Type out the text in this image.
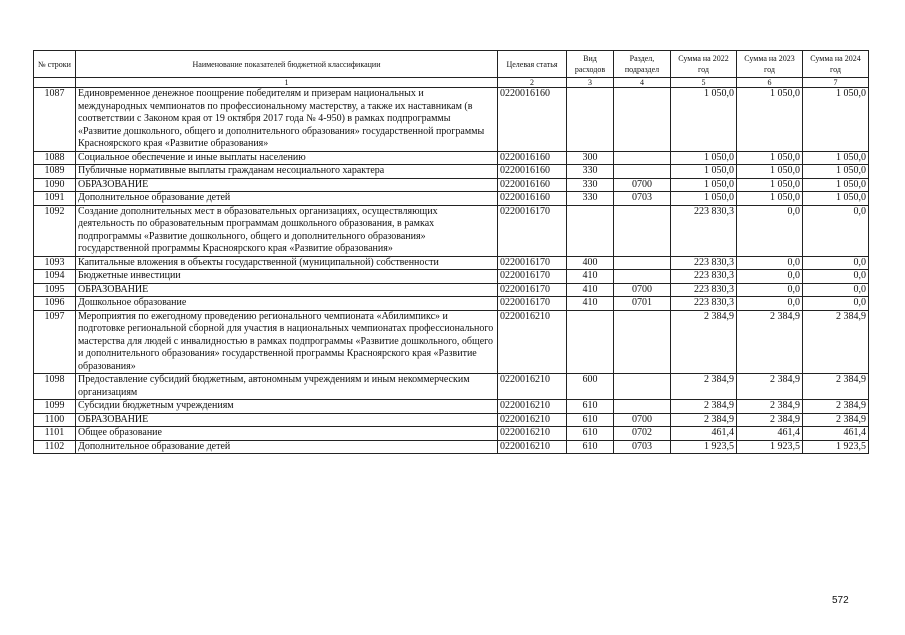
№ строки	Наименование показателей бюджетной классификации	Целевая статья	Вид расходов	Раздел, подраздел	Сумма на 2022 год	Сумма на 2023 год	Сумма на 2024 год
	1	2	3	4	5	6	7
1087	Единовременное денежное поощрение победителям и призерам национальных и международных чемпионатов по профессиональному мастерству, а также их наставникам (в соответствии с Законом края от 19 октября 2017 года № 4-950) в рамках подпрограммы «Развитие дошкольного, общего и дополнительного образования» государственной программы Красноярского края «Развитие образования»	0220016160			1 050,0	1 050,0	1 050,0
1088	Социальное обеспечение и иные выплаты населению	0220016160	300		1 050,0	1 050,0	1 050,0
1089	Публичные нормативные выплаты гражданам несоциального характера	0220016160	330		1 050,0	1 050,0	1 050,0
1090	ОБРАЗОВАНИЕ	0220016160	330	0700	1 050,0	1 050,0	1 050,0
1091	Дополнительное образование детей	0220016160	330	0703	1 050,0	1 050,0	1 050,0
1092	Создание дополнительных мест в образовательных организациях, осуществляющих деятельность по образовательным программам дошкольного образования, в рамках подпрограммы «Развитие дошкольного, общего и дополнительного образования» государственной программы Красноярского края «Развитие образования»	0220016170			223 830,3	0,0	0,0
1093	Капитальные вложения в объекты государственной (муниципальной) собственности	0220016170	400		223 830,3	0,0	0,0
1094	Бюджетные инвестиции	0220016170	410		223 830,3	0,0	0,0
1095	ОБРАЗОВАНИЕ	0220016170	410	0700	223 830,3	0,0	0,0
1096	Дошкольное образование	0220016170	410	0701	223 830,3	0,0	0,0
1097	Мероприятия по ежегодному проведению регионального чемпионата «Абилимпикс» и подготовке региональной сборной для участия в национальных чемпионатах профессионального мастерства для людей с инвалидностью в рамках подпрограммы «Развитие дошкольного, общего и дополнительного образования» государственной программы Красноярского края «Развитие образования»	0220016210			2 384,9	2 384,9	2 384,9
1098	Предоставление субсидий бюджетным, автономным учреждениям и иным некоммерческим организациям	0220016210	600		2 384,9	2 384,9	2 384,9
1099	Субсидии бюджетным учреждениям	0220016210	610		2 384,9	2 384,9	2 384,9
1100	ОБРАЗОВАНИЕ	0220016210	610	0700	2 384,9	2 384,9	2 384,9
1101	Общее образование	0220016210	610	0702	461,4	461,4	461,4
1102	Дополнительное образование детей	0220016210	610	0703	1 923,5	1 923,5	1 923,5
572
